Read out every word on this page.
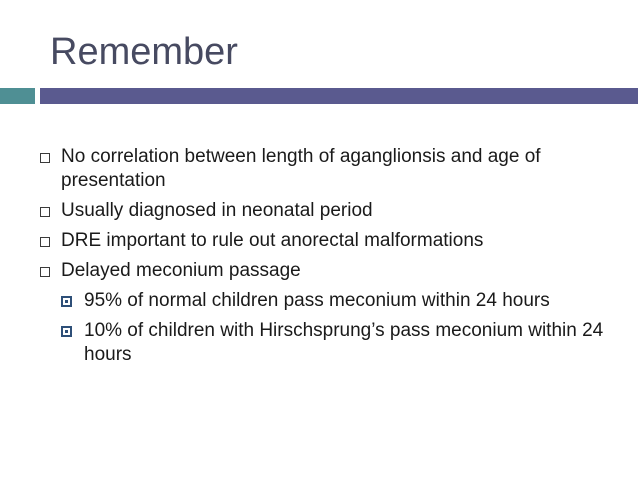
Remember
No correlation between length of aganglionsis and age of presentation
Usually diagnosed in neonatal period
DRE important to rule out anorectal malformations
Delayed meconium passage
95% of normal children pass meconium within 24 hours
10% of children with Hirschsprung’s pass meconium within 24 hours
